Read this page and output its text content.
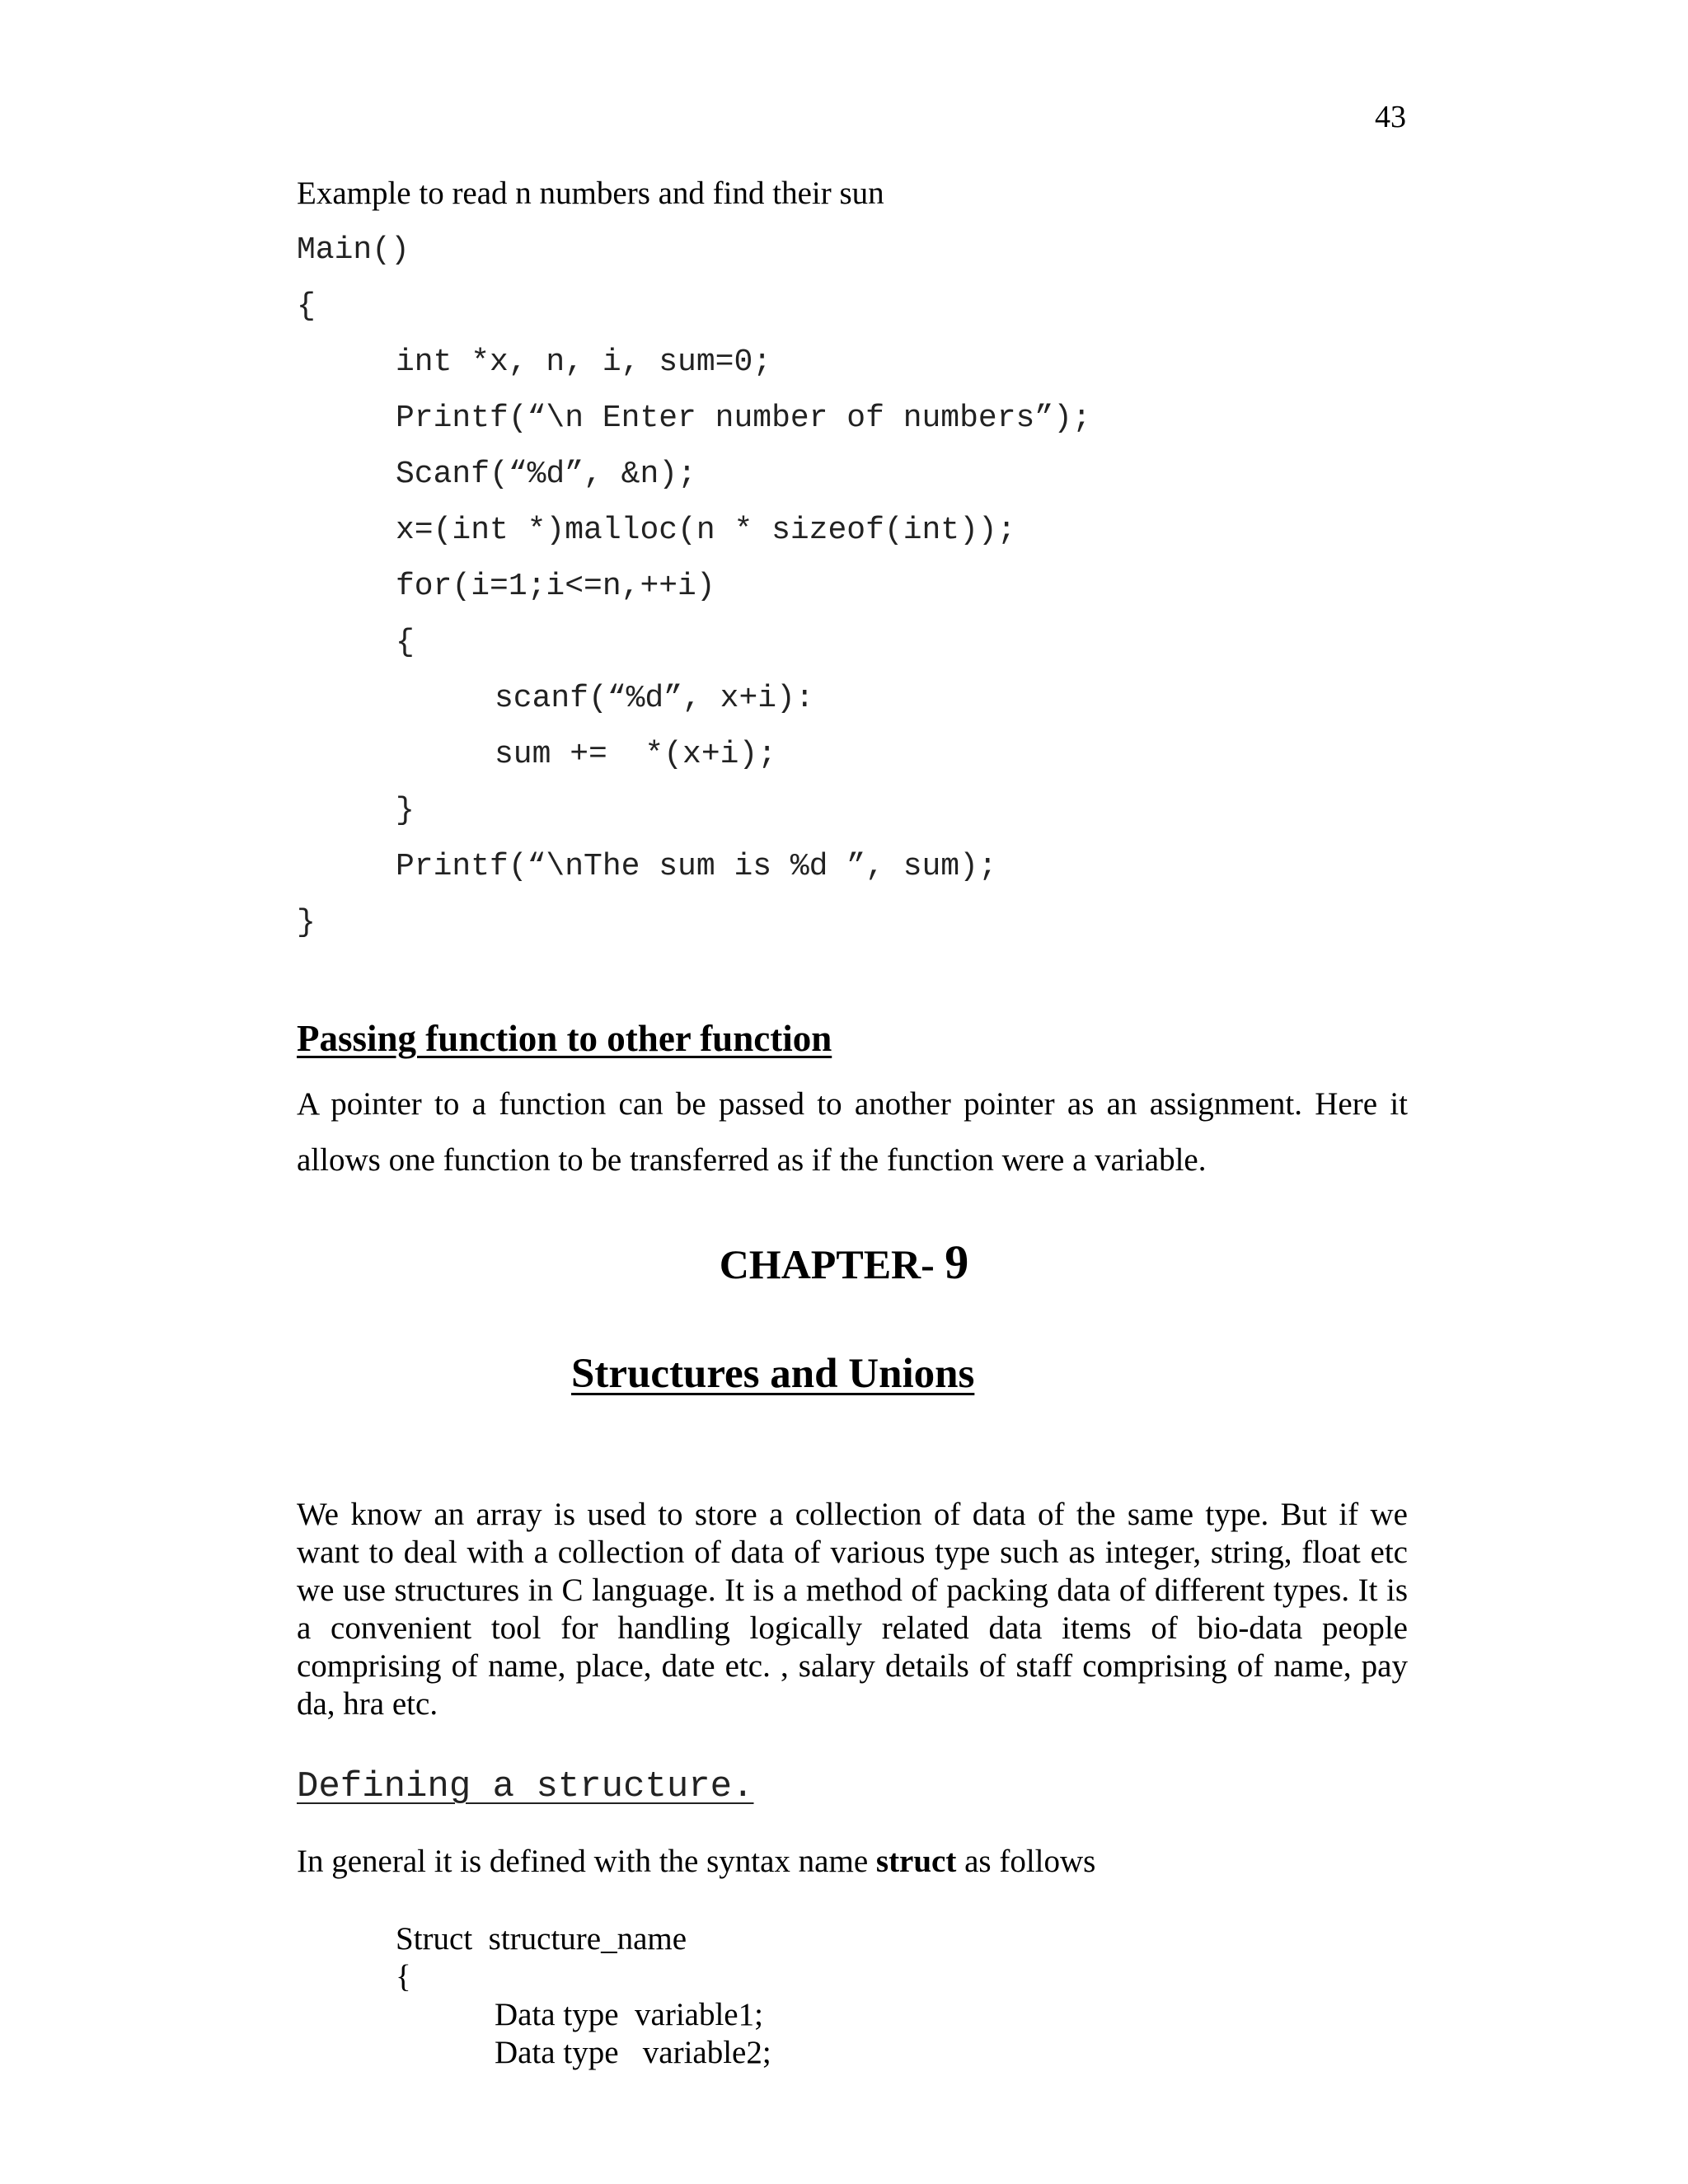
43
Example to read n numbers and find their sun
Main()
{
int *x, n, i, sum=0;
Printf(“\n Enter number of numbers”);
Scanf(“%d”, &n);
x=(int *)malloc(n * sizeof(int));
for(i=1;i<=n,++i)
{
scanf(“%d”, x+i):
sum +=  *(x+i);
}
Printf(“\nThe sum is %d ”, sum);
}
Passing function to other function
A pointer to a function can be passed to another pointer as an assignment. Here it allows one function to be transferred as if the function were a variable.
CHAPTER- 9
Structures and Unions
We know an array is used to store a collection of data of the same type. But if we want to deal with a collection of data of various type such as integer, string, float etc we use structures in C language. It is a method of packing data of different types. It is a convenient tool for handling logically related data items of bio-data people comprising of name, place, date etc. , salary details of staff comprising of name, pay da, hra etc.
Defining a structure.
In general it is defined with the syntax name struct as follows
Struct  structure_name
{
Data type  variable1;
Data type   variable2;
